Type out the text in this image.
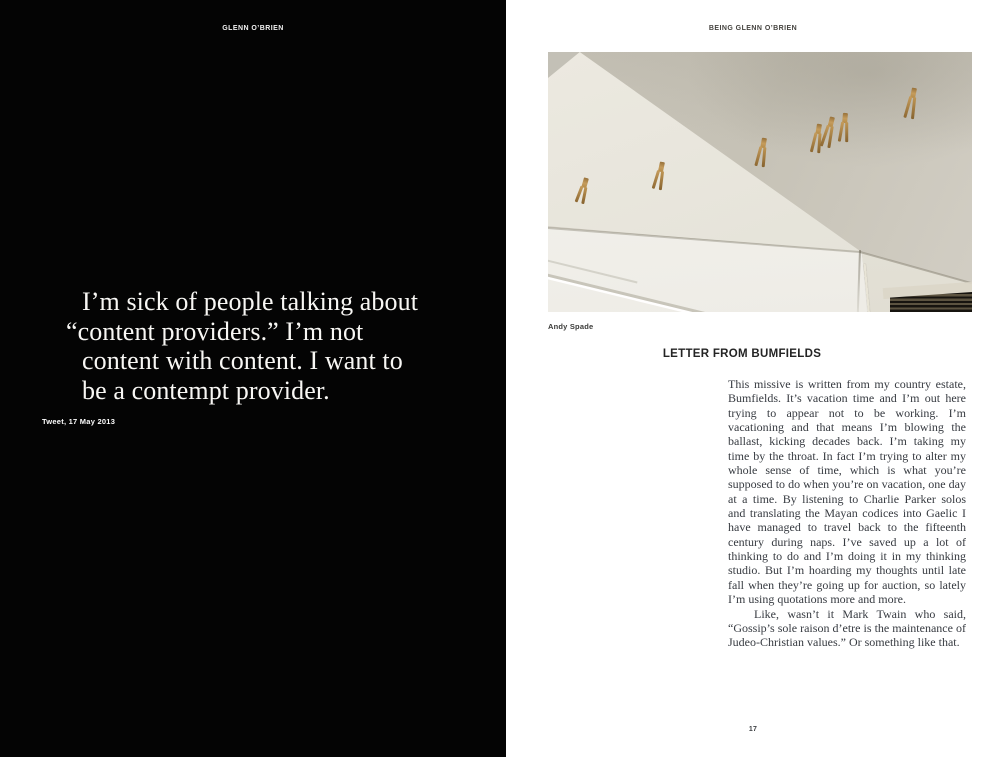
GLENN O’BRIEN
I’m sick of people talking about
“content providers.” I’m not
content with content. I want to
be a contempt provider.
Tweet, 17 May 2013
BEING GLENN O’BRIEN
Andy Spade
LETTER FROM BUMFIELDS

This missive is written from my country estate, Bumfields. It’s vacation time and I’m out here trying to appear not to be working. I’m vacationing and that means I’m blowing the ballast, kicking decades back. I’m taking my time by the throat. In fact I’m trying to alter my whole sense of time, which is what you’re supposed to do when you’re on vacation, one day at a time. By listening to Charlie Parker solos and translating the Mayan codices into Gaelic I have managed to travel back to the fifteenth century during naps. I’ve saved up a lot of thinking to do and I’m doing it in my thinking studio. But I’m hoarding my thoughts until late fall when they’re going up for auction, so lately I’m using quotations more and more.

Like, wasn’t it Mark Twain who said, “Gossip’s sole raison d’etre is the maintenance of Judeo-Christian values.” Or something like that.

17
